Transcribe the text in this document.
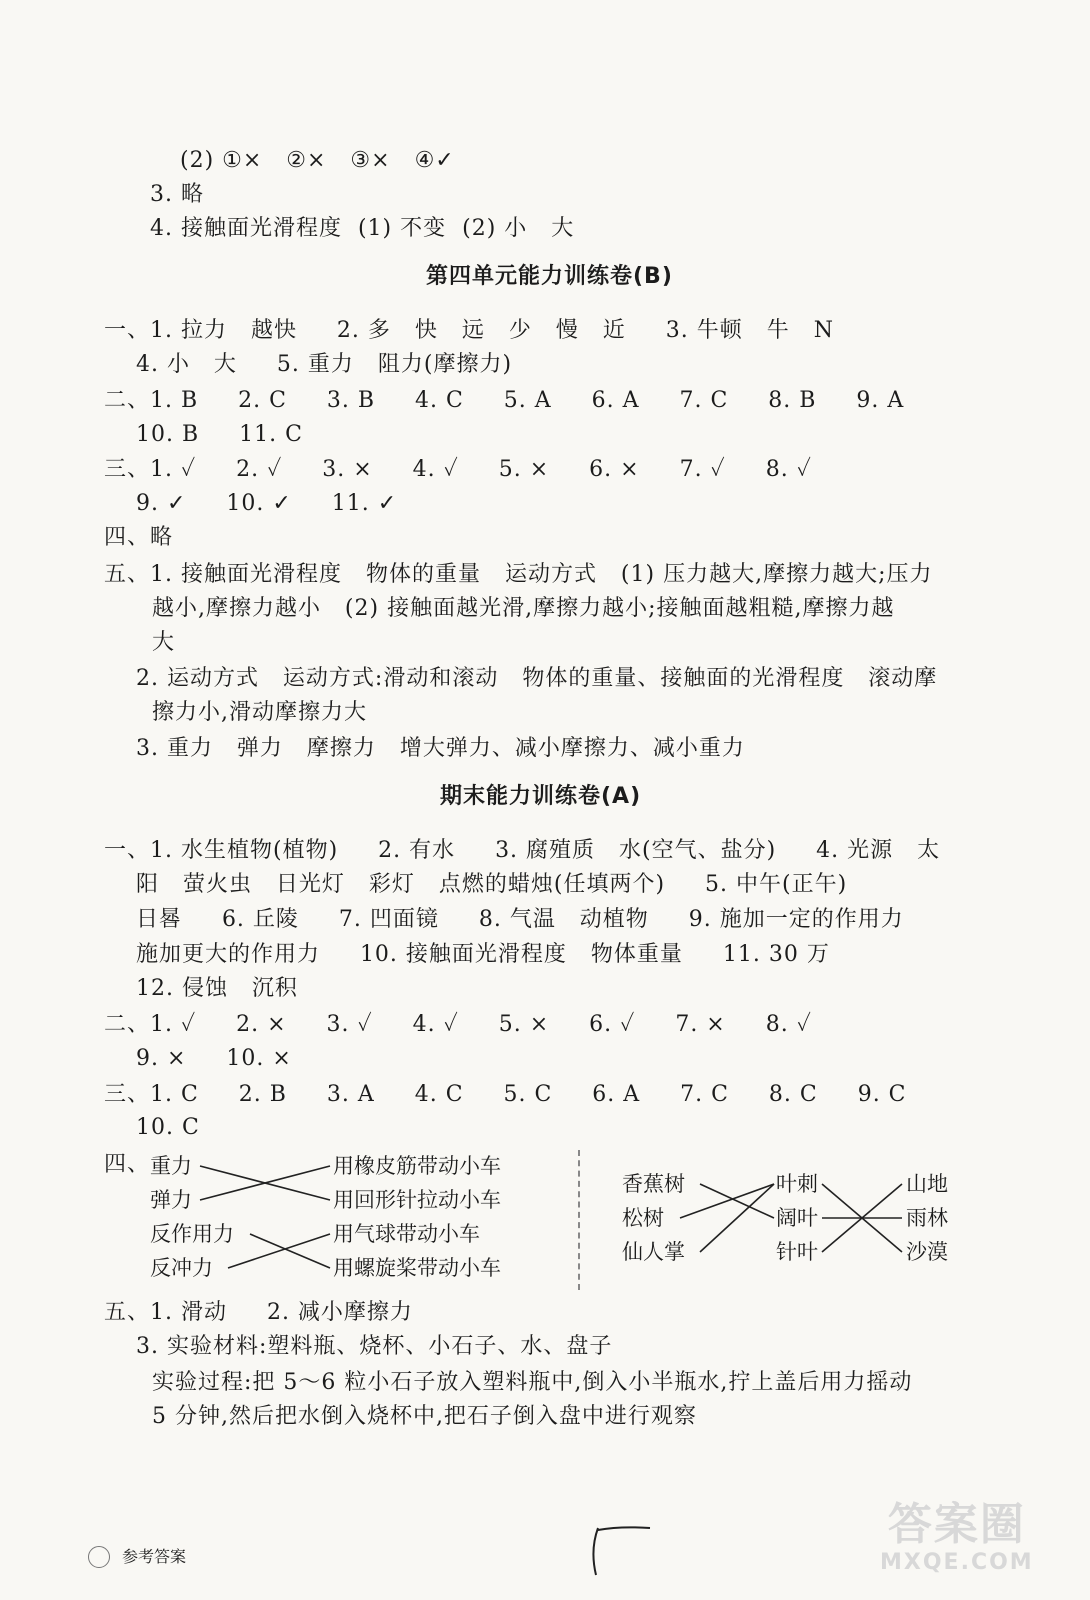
(2) ①×   ②×   ③×   ④✓
3. 略
4. 接触面光滑程度  (1) 不变  (2) 小   大
第四单元能力训练卷(B)
一、1. 拉力   越快     2. 多   快   远   少   慢   近     3. 牛顿   牛   N
4. 小   大     5. 重力   阻力(摩擦力)
二、1. B     2. C     3. B     4. C     5. A     6. A     7. C     8. B     9. A
10. B     11. C
三、1. ✓     2. ✓     3. ×     4. ✓     5. ×     6. ×     7. ✓     8. ✓
9. ✓     10. ✓     11. ✓
四、略
五、1. 接触面光滑程度   物体的重量   运动方式   (1) 压力越大,摩擦力越大;压力
越小,摩擦力越小   (2) 接触面越光滑,摩擦力越小;接触面越粗糙,摩擦力越
大
2. 运动方式   运动方式:滑动和滚动   物体的重量、接触面的光滑程度   滚动摩
擦力小,滑动摩擦力大
3. 重力   弹力   摩擦力   增大弹力、减小摩擦力、减小重力
期末能力训练卷(A)
一、1. 水生植物(植物)     2. 有水     3. 腐殖质   水(空气、盐分)     4. 光源   太
阳   萤火虫   日光灯   彩灯   点燃的蜡烛(任填两个)     5. 中午(正午)
日晷     6. 丘陵     7. 凹面镜     8. 气温   动植物     9. 施加一定的作用力
施加更大的作用力     10. 接触面光滑程度   物体重量     11. 30 万
12. 侵蚀   沉积
二、1. ✓     2. ×     3. ✓     4. ✓     5. ×     6. ✓     7. ×     8. ✓
9. ×     10. ×
三、1. C     2. B     3. A     4. C     5. C     6. A     7. C     8. C     9. C
10. C
四、 重力
弹力
反作用力
反冲力
用橡皮筋带动小车
用回形针拉动小车
用气球带动小车
用螺旋桨带动小车
香蕉树
松树
仙人掌
叶刺
阔叶
针叶
山地
雨林
沙漠
五、1. 滑动     2. 减小摩擦力
3. 实验材料:塑料瓶、烧杯、小石子、水、盘子
实验过程:把 5～6 粒小石子放入塑料瓶中,倒入小半瓶水,拧上盖后用力摇动
5 分钟,然后把水倒入烧杯中,把石子倒入盘中进行观察
参考答案
答案圈
MXQE.COM
